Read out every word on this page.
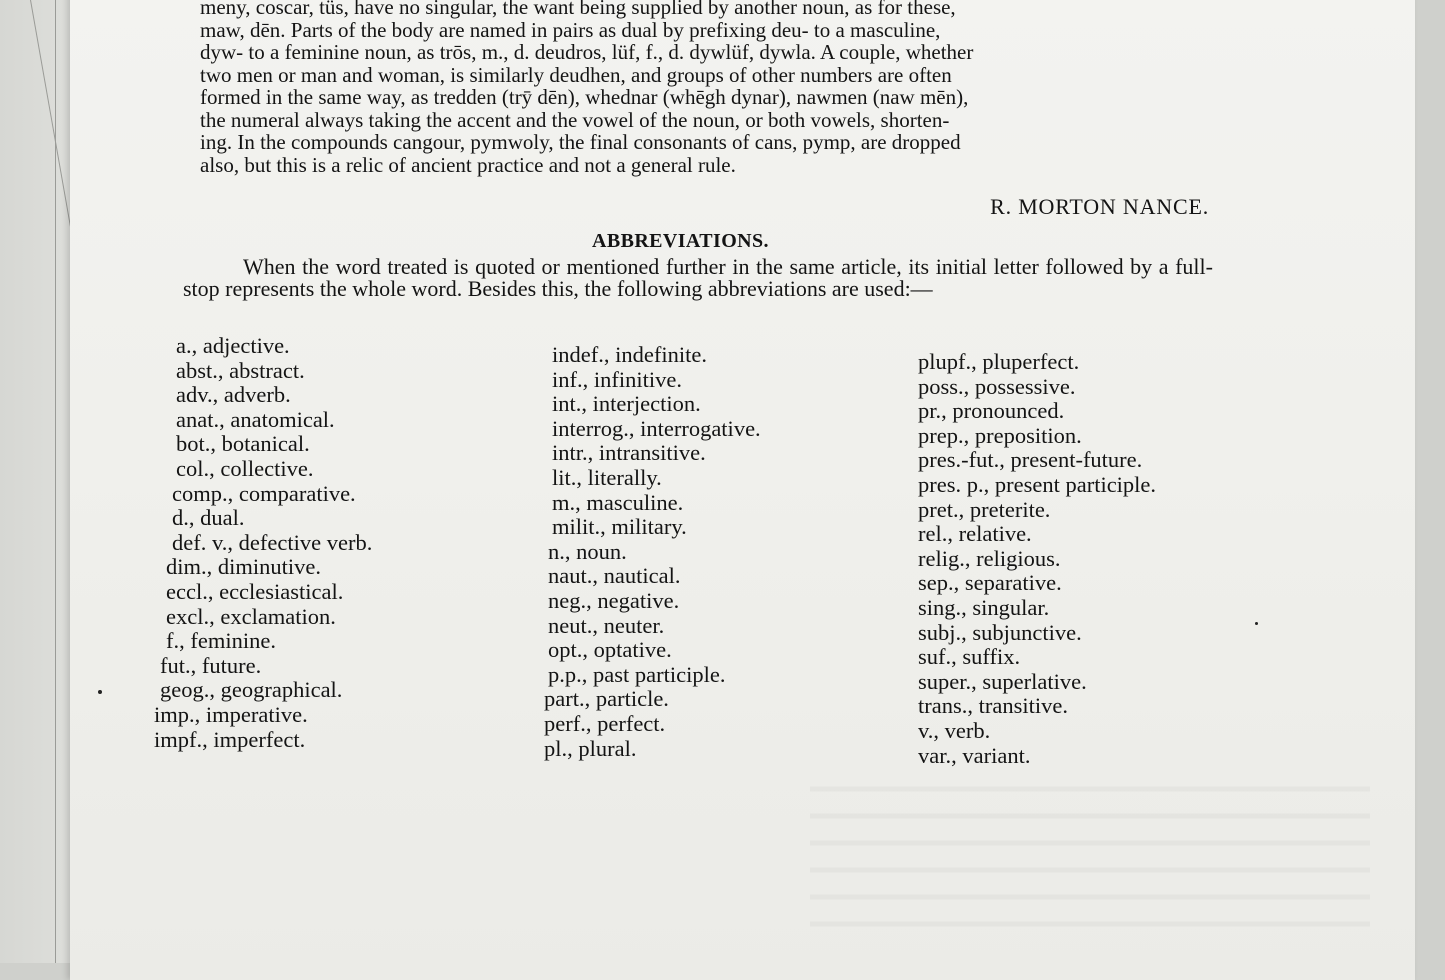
meny, coscar, tüs, have no singular, the want being supplied by another noun, as for these,

maw, dēn. Parts of the body are named in pairs as dual by prefixing deu- to a masculine,

dyw- to a feminine noun, as trōs, m., d. deudros, lüf, f., d. dywlüf, dywla. A couple, whether

two men or man and woman, is similarly deudhen, and groups of other numbers are often

formed in the same way, as tredden (trȳ dēn), whednar (whēgh dynar), nawmen (naw mēn),

the numeral always taking the accent and the vowel of the noun, or both vowels, shorten-

ing. In the compounds cangour, pymwoly, the final consonants of cans, pymp, are dropped

also, but this is a relic of ancient practice and not a general rule.

R. MORTON NANCE.
ABBREVIATIONS.

When the word treated is quoted or mentioned further in the same article, its initial letter followed by a full-stop represents the whole word. Besides this, the following abbreviations are used:—

a., adjective.
abst., abstract.
adv., adverb.
anat., anatomical.
bot., botanical.
col., collective.
comp., comparative.
d., dual.
def. v., defective verb.
dim., diminutive.
eccl., ecclesiastical.
excl., exclamation.
f., feminine.
fut., future.
geog., geographical.
imp., imperative.
impf., imperfect.
indef., indefinite.
inf., infinitive.
int., interjection.
interrog., interrogative.
intr., intransitive.
lit., literally.
m., masculine.
milit., military.
n., noun.
naut., nautical.
neg., negative.
neut., neuter.
opt., optative.
p.p., past participle.
part., particle.
perf., perfect.
pl., plural.
plupf., pluperfect.
poss., possessive.
pr., pronounced.
prep., preposition.
pres.-fut., present-future.
pres. p., present participle.
pret., preterite.
rel., relative.
relig., religious.
sep., separative.
sing., singular.
subj., subjunctive.
suf., suffix.
super., superlative.
trans., transitive.
v., verb.
var., variant.
